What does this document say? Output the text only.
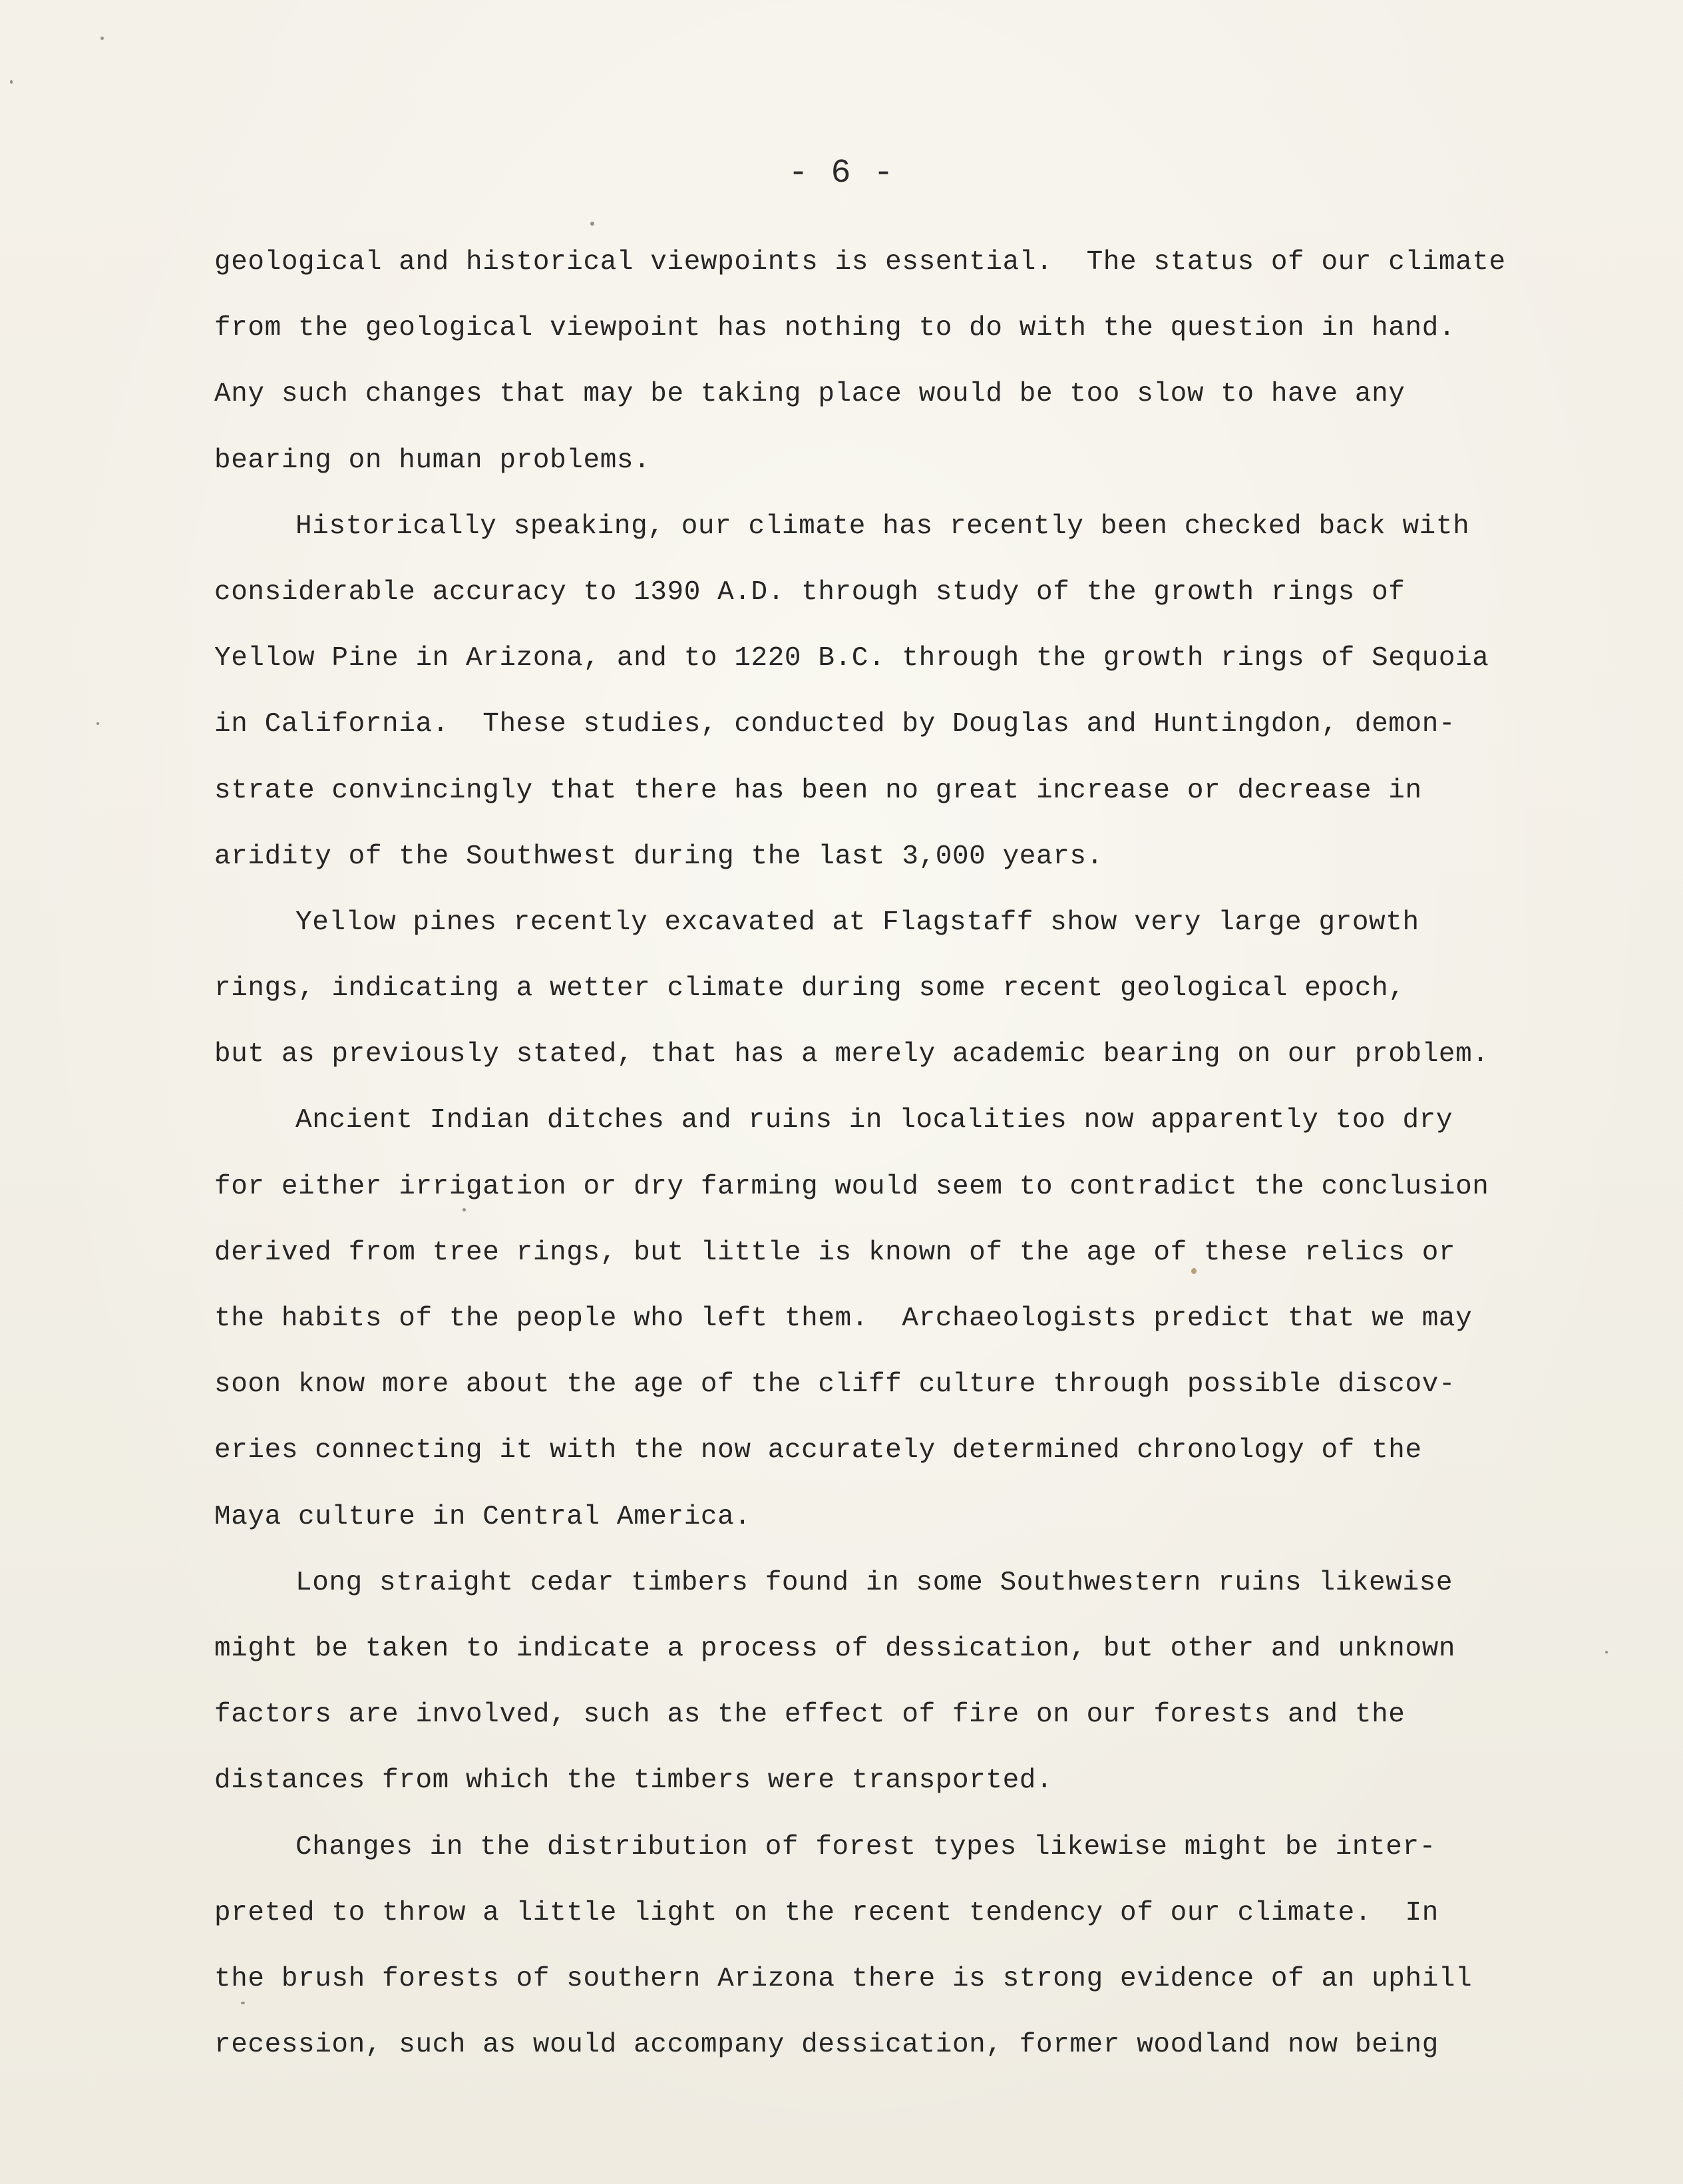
- 6 -
geological and historical viewpoints is essential.  The status of our climate
from the geological viewpoint has nothing to do with the question in hand.
Any such changes that may be taking place would be too slow to have any
bearing on human problems.
Historically speaking, our climate has recently been checked back with
considerable accuracy to 1390 A.D. through study of the growth rings of
Yellow Pine in Arizona, and to 1220 B.C. through the growth rings of Sequoia
in California.  These studies, conducted by Douglas and Huntingdon, demon-
strate convincingly that there has been no great increase or decrease in
aridity of the Southwest during the last 3,000 years.
Yellow pines recently excavated at Flagstaff show very large growth
rings, indicating a wetter climate during some recent geological epoch,
but as previously stated, that has a merely academic bearing on our problem.
Ancient Indian ditches and ruins in localities now apparently too dry
for either irrigation or dry farming would seem to contradict the conclusion
derived from tree rings, but little is known of the age of these relics or
the habits of the people who left them.  Archaeologists predict that we may
soon know more about the age of the cliff culture through possible discov-
eries connecting it with the now accurately determined chronology of the
Maya culture in Central America.
Long straight cedar timbers found in some Southwestern ruins likewise
might be taken to indicate a process of dessication, but other and unknown
factors are involved, such as the effect of fire on our forests and the
distances from which the timbers were transported.
Changes in the distribution of forest types likewise might be inter-
preted to throw a little light on the recent tendency of our climate.  In
the brush forests of southern Arizona there is strong evidence of an uphill
recession, such as would accompany dessication, former woodland now being
